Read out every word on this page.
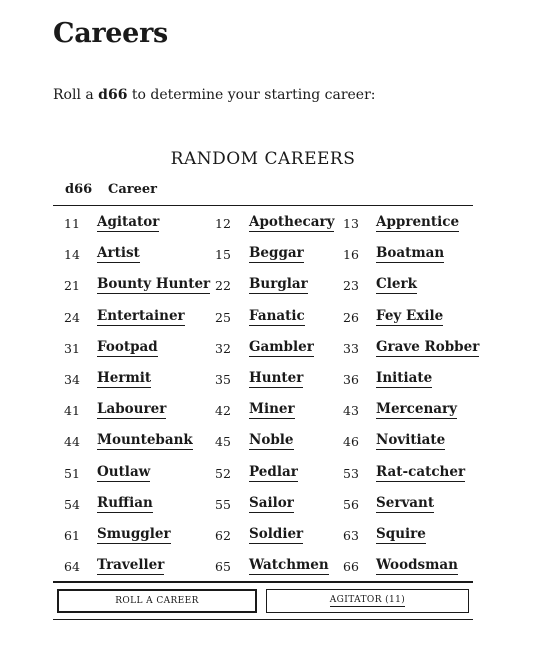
Careers

Roll a d66 to determine your starting career:

RANDOM CAREERS
d66 Career
11 Agitator	12 Apothecary 13 Apprentice
14 Artist	15 Beggar	16 Boatman
21 Bounty Hunter 22 Burglar	23 Clerk
24 Entertainer 25 Fanatic	26 Fey Exile
31 Footpad	32 Gambler 33 Grave Robber
34 Hermit	35 Hunter	36 Initiate
41 Labourer	42 Miner	43 Mercenary
44 Mountebank 45 Noble	46 Novitiate
51 Outlaw	52 Pedlar	53 Rat-catcher
54 Ruffian	55 Sailor	56 Servant
61 Smuggler	62 Soldier	63 Squire
64 Traveller	65 Watchmen 66 Woodsman
ROLL A CAREER	AGITATOR (11)
